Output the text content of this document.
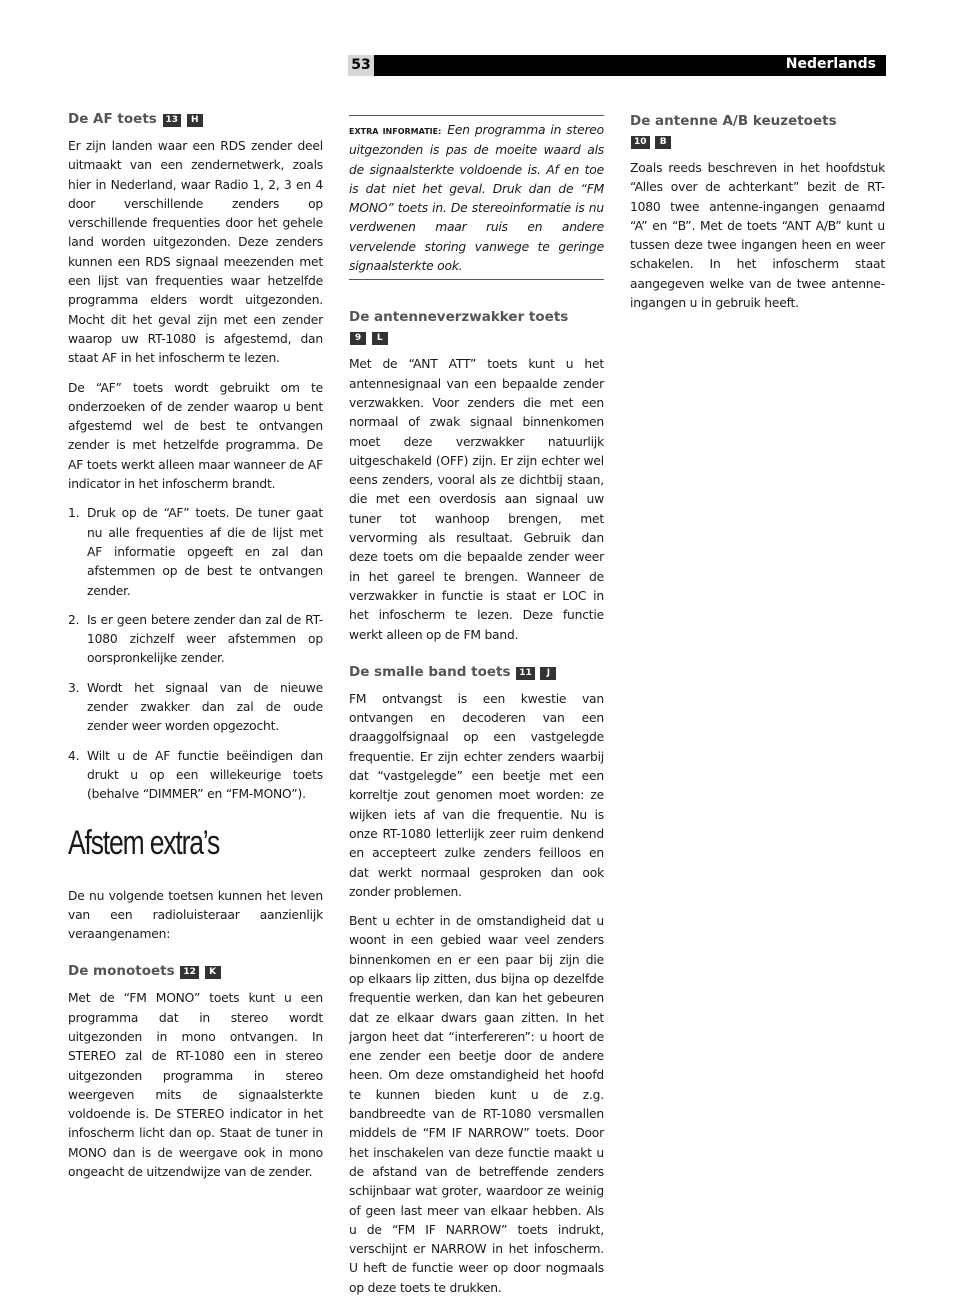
53	Nederlands
De AF toets 13 H

Er zijn landen waar een RDS zender deel uitmaakt van een zendernetwerk, zoals hier in Nederland, waar Radio 1, 2, 3 en 4 door verschillende zenders op verschillende frequenties door het gehele land worden uitgezonden. Deze zenders kunnen een RDS signaal meezenden met een lijst van frequenties waar hetzelfde programma elders wordt uitgezonden. Mocht dit het geval zijn met een zender waarop uw RT-1080 is afgestemd, dan staat AF in het infoscherm te lezen.

De “AF” toets wordt gebruikt om te onderzoeken of de zender waarop u bent afgestemd wel de best te ontvangen zender is met hetzelfde programma. De AF toets werkt alleen maar wanneer de AF indicator in het infoscherm brandt.

1. Druk op de “AF” toets. De tuner gaat nu alle frequenties af die de lijst met AF informatie opgeeft en zal dan afstemmen op de best te ontvangen zender.
2. Is er geen betere zender dan zal de RT-1080 zichzelf weer afstemmen op oorspronkelijke zender.
3. Wordt het signaal van de nieuwe zender zwakker dan zal de oude zender weer worden opgezocht.
4. Wilt u de AF functie beëindigen dan drukt u op een willekeurige toets (behalve “DIMMER” en “FM-MONO”).
Afstem extra’s

De nu volgende toetsen kunnen het leven van een radioluisteraar aanzienlijk veraangenamen:

De monotoets 12 K

Met de “FM MONO” toets kunt u een programma dat in stereo wordt uitgezonden in mono ontvangen. In STEREO zal de RT-1080 een in stereo uitgezonden programma in stereo weergeven mits de signaalsterkte voldoende is. De STEREO indicator in het infoscherm licht dan op. Staat de tuner in MONO dan is de weergave ook in mono ongeacht de uitzendwijze van de zender.

EXTRA INFORMATIE: Een programma in stereo uitgezonden is pas de moeite waard als de signaalsterkte voldoende is. Af en toe is dat niet het geval. Druk dan de “FM MONO” toets in. De stereoinformatie is nu verdwenen maar ruis en andere vervelende storing vanwege te geringe signaalsterkte ook.

De antenneverzwakker toets
9 L

Met de “ANT ATT” toets kunt u het antennesignaal van een bepaalde zender verzwakken. Voor zenders die met een normaal of zwak signaal binnenkomen moet deze verzwakker natuurlijk uitgeschakeld (OFF) zijn. Er zijn echter wel eens zenders, vooral als ze dichtbij staan, die met een overdosis aan signaal uw tuner tot wanhoop brengen, met vervorming als resultaat. Gebruik dan deze toets om die bepaalde zender weer in het gareel te brengen. Wanneer de verzwakker in functie is staat er LOC in het infoscherm te lezen. Deze functie werkt alleen op de FM band.

De smalle band toets 11 J

FM ontvangst is een kwestie van ontvangen en decoderen van een draaggolfsignaal op een vastgelegde frequentie. Er zijn echter zenders waarbij dat “vastgelegde” een beetje met een korreltje zout genomen moet worden: ze wijken iets af van die frequentie. Nu is onze RT-1080 letterlijk zeer ruim denkend en accepteert zulke zenders feilloos en dat werkt normaal gesproken dan ook zonder problemen.

Bent u echter in de omstandigheid dat u woont in een gebied waar veel zenders binnenkomen en er een paar bij zijn die op elkaars lip zitten, dus bijna op dezelfde frequentie werken, dan kan het gebeuren dat ze elkaar dwars gaan zitten. In het jargon heet dat “interfereren”: u hoort de ene zender een beetje door de andere heen. Om deze omstandigheid het hoofd te kunnen bieden kunt u de z.g. bandbreedte van de RT-1080 versmallen middels de “FM IF NARROW” toets. Door het inschakelen van deze functie maakt u de afstand van de betreffende zenders schijnbaar wat groter, waardoor ze weinig of geen last meer van elkaar hebben. Als u de “FM IF NARROW” toets indrukt, verschijnt er NARROW in het infoscherm. U heft de functie weer op door nogmaals op deze toets te drukken.

De antenne A/B keuzetoets
10 B

Zoals reeds beschreven in het hoofdstuk “Alles over de achterkant” bezit de RT-1080 twee antenne-ingangen genaamd “A” en “B”. Met de toets “ANT A/B” kunt u tussen deze twee ingangen heen en weer schakelen. In het infoscherm staat aangegeven welke van de twee antenne-ingangen u in gebruik heeft.
